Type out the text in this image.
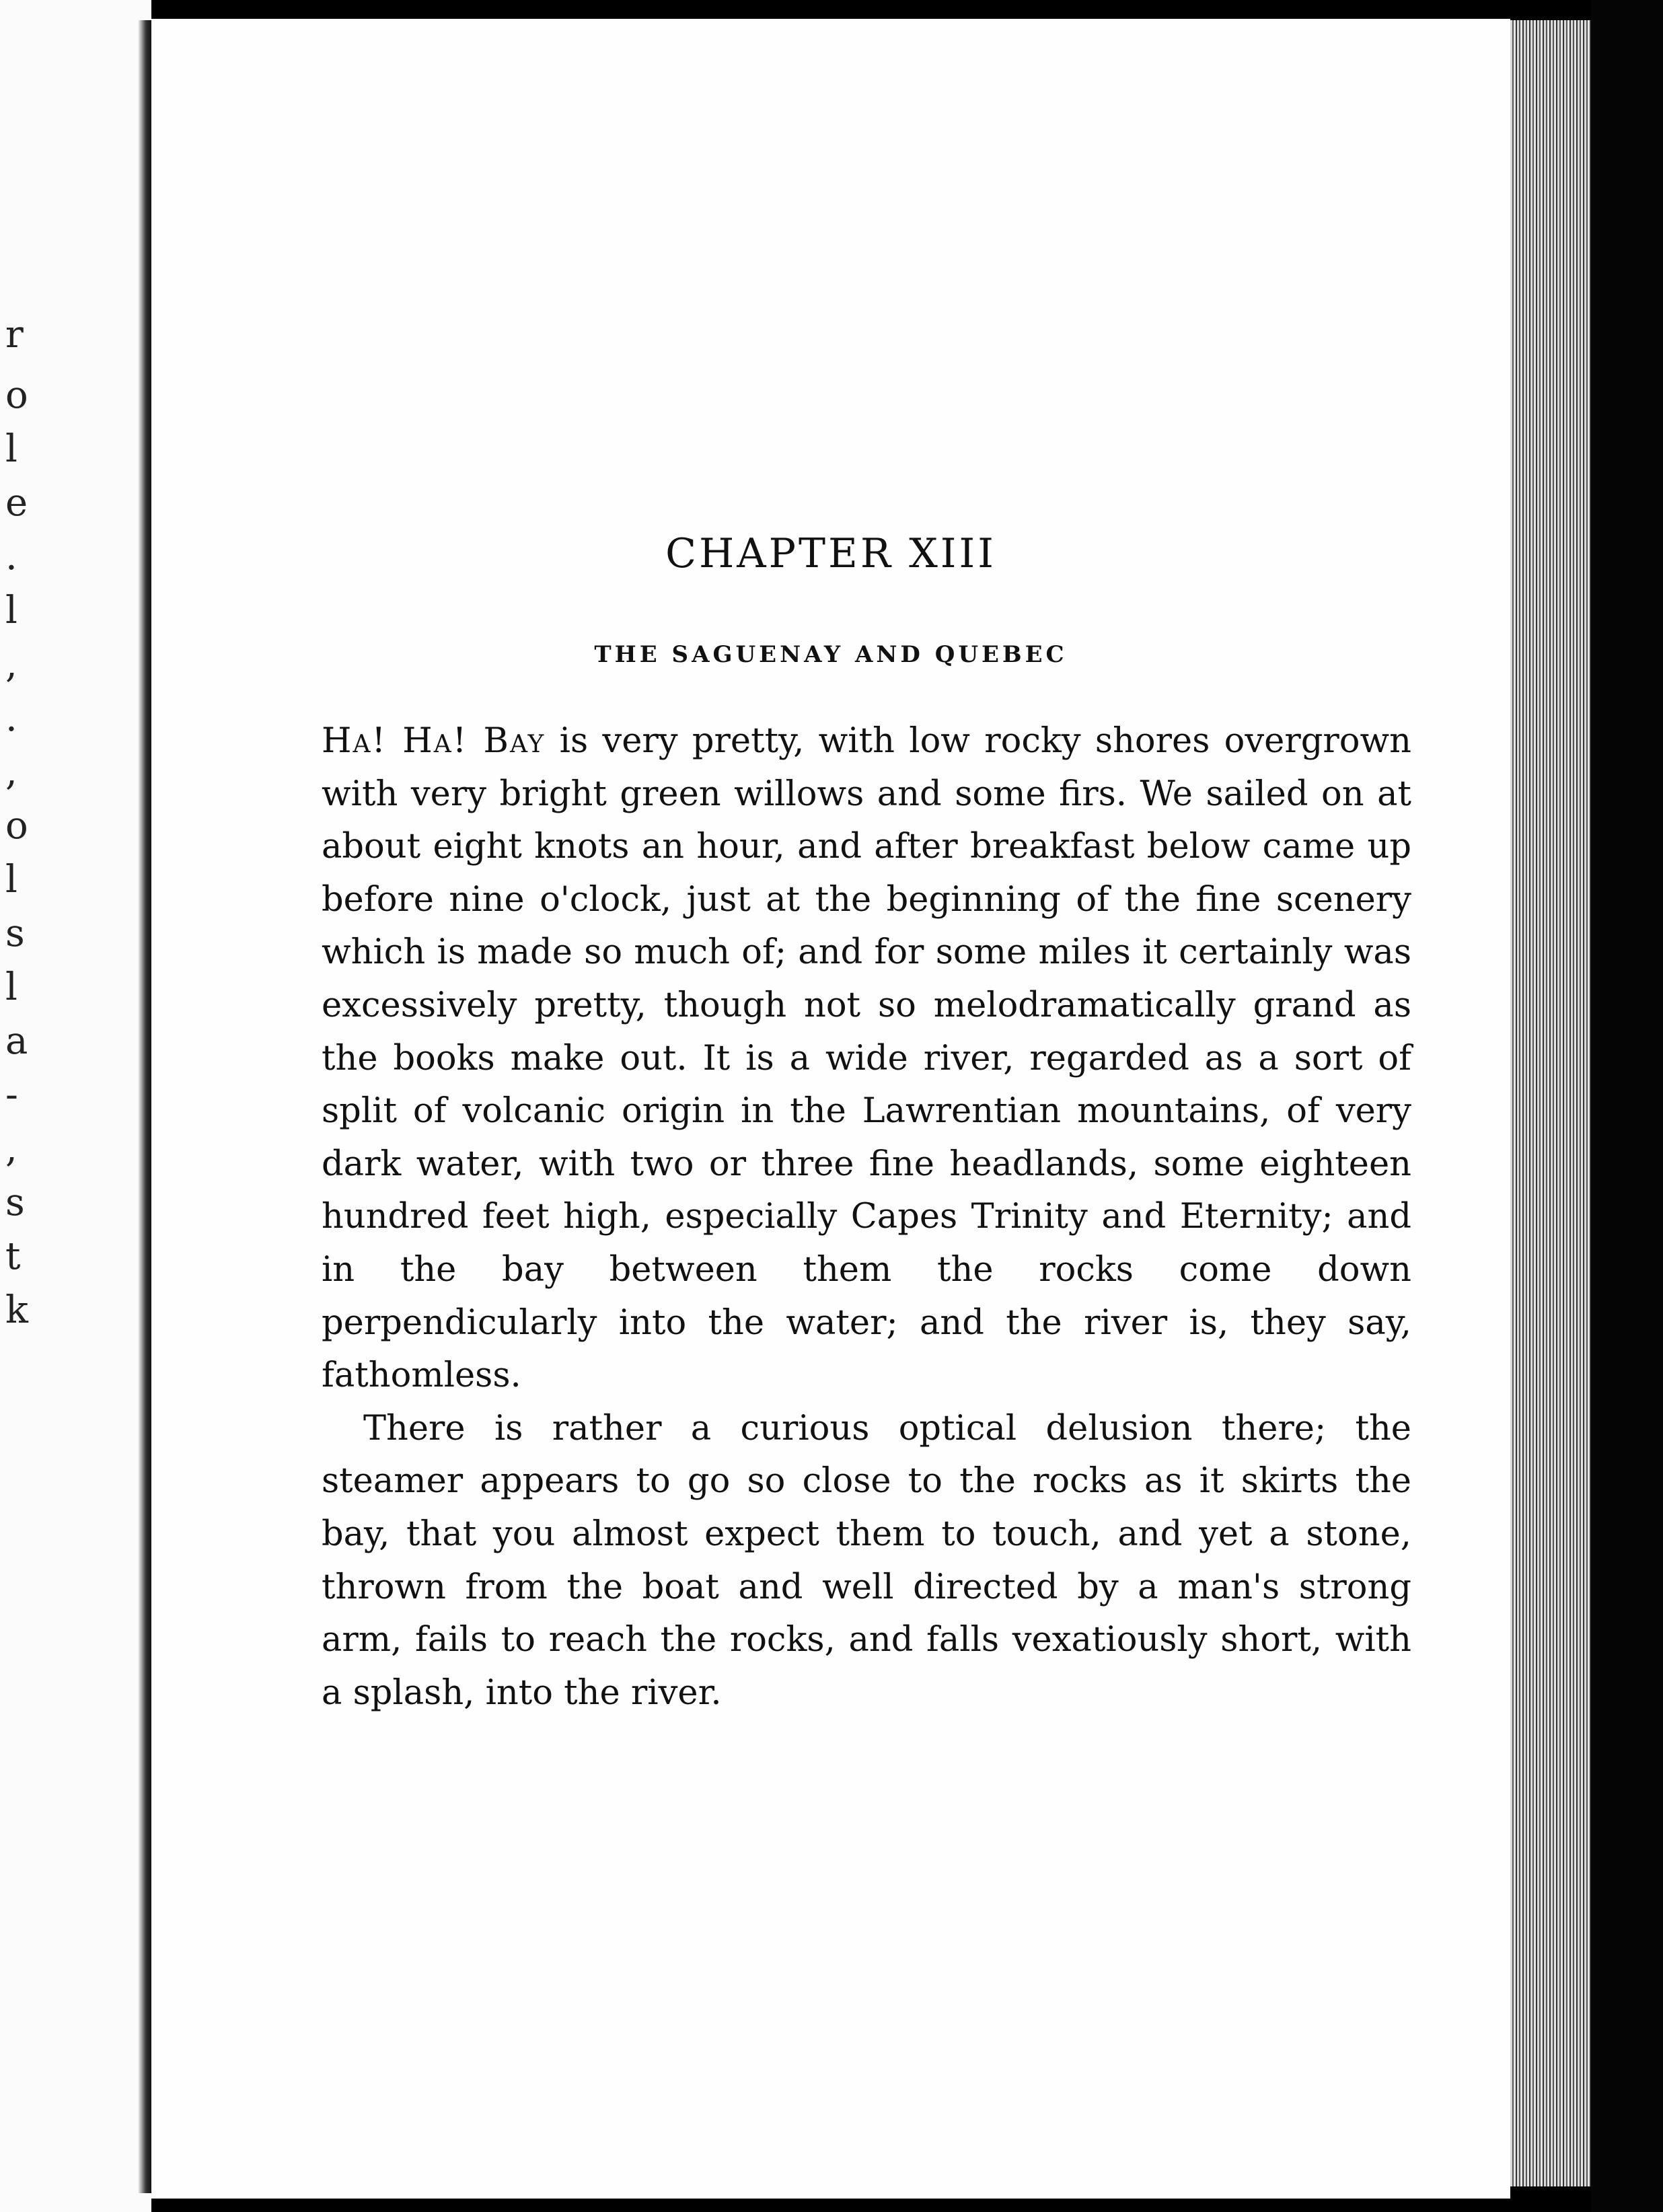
r
o
l
e
.
l
,
.
,
o
l
s
l
a
-
,
s
t
k
CHAPTER XIII
THE SAGUENAY AND QUEBEC

Ha! Ha! Bay is very pretty, with low rocky shores overgrown with very bright green willows and some firs. We sailed on at about eight knots an hour, and after breakfast below came up before nine o'clock, just at the beginning of the fine scenery which is made so much of; and for some miles it certainly was excessively pretty, though not so melodramatically grand as the books make out. It is a wide river, regarded as a sort of split of volcanic origin in the Lawrentian mountains, of very dark water, with two or three fine headlands, some eighteen hundred feet high, especially Capes Trinity and Eternity; and in the bay between them the rocks come down perpendicularly into the water; and the river is, they say, fathomless.

There is rather a curious optical delusion there; the steamer appears to go so close to the rocks as it skirts the bay, that you almost expect them to touch, and yet a stone, thrown from the boat and well directed by a man's strong arm, fails to reach the rocks, and falls vexatiously short, with a splash, into the river.
